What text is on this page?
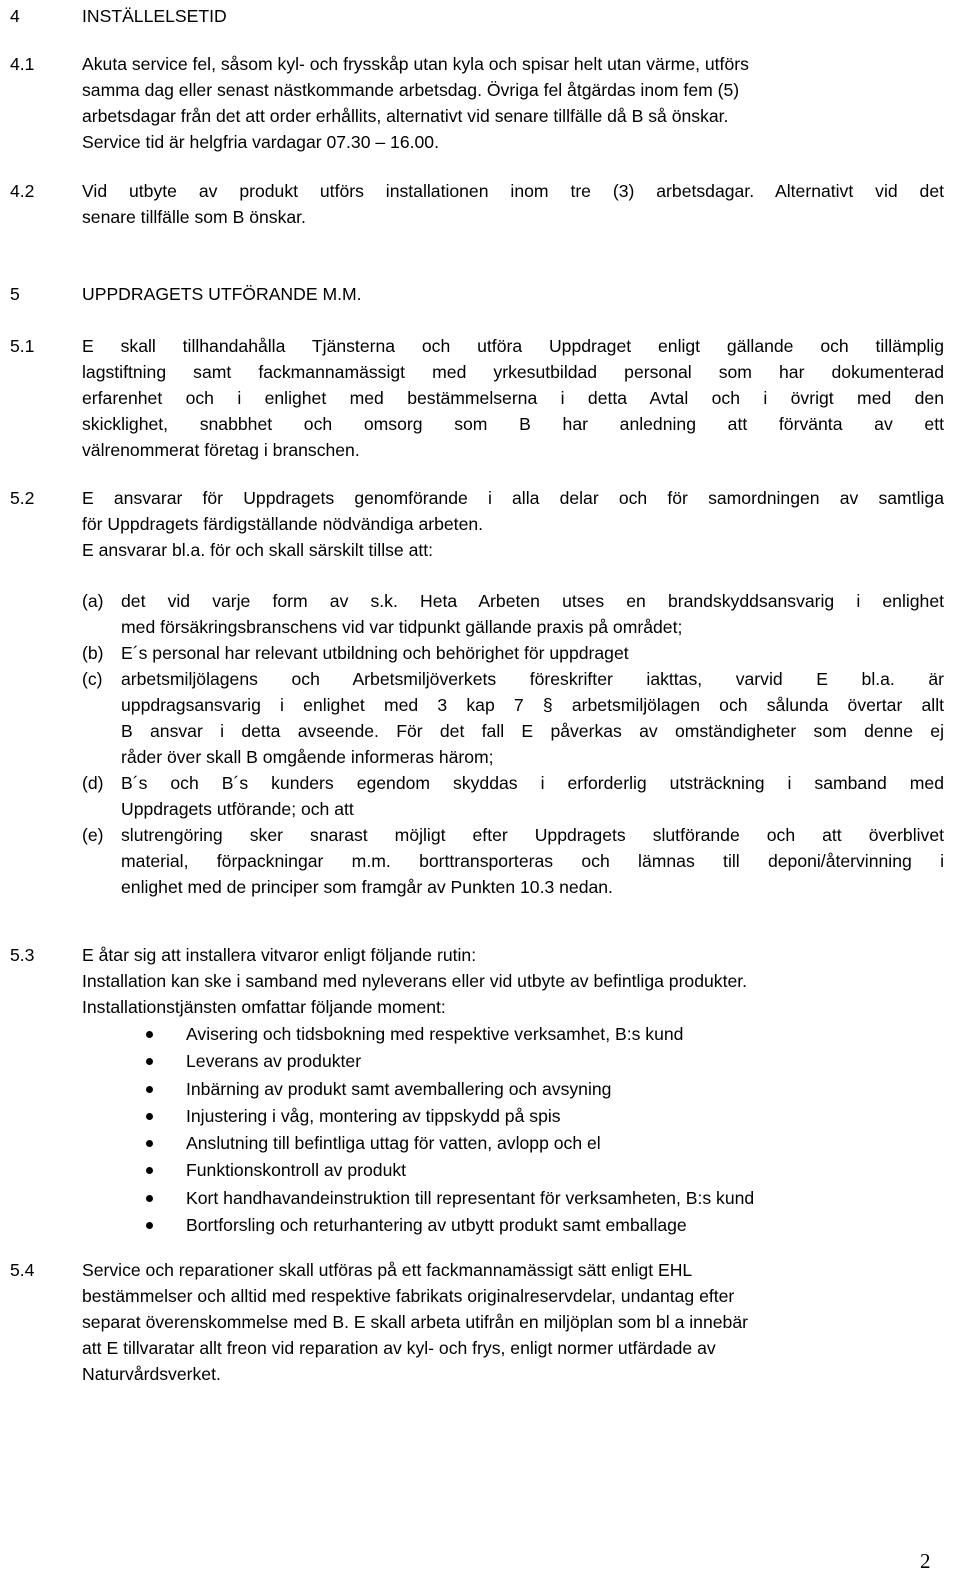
4	INSTÄLLELSETID
4.1	Akuta service fel, såsom kyl- och frysskåp utan kyla och spisar helt utan värme, utförs
samma dag eller senast nästkommande arbetsdag. Övriga fel åtgärdas inom fem (5)
arbetsdagar från det att order erhållits, alternativt vid senare tillfälle då B så önskar.
Service tid är helgfria vardagar 07.30 – 16.00.
4.2	Vid utbyte av produkt utförs installationen inom tre (3) arbetsdagar. Alternativt vid det
senare tillfälle som B önskar.
5	UPPDRAGETS UTFÖRANDE M.M.
5.1	E skall tillhandahålla Tjänsterna och utföra Uppdraget enligt gällande och tillämplig
lagstiftning samt fackmannamässigt med yrkesutbildad personal som har dokumenterad
erfarenhet och i enlighet med bestämmelserna i detta Avtal och i övrigt med den
skicklighet, snabbhet och omsorg som B har anledning att förvänta av ett
välrenommerat företag i branschen.
5.2	E ansvarar för Uppdragets genomförande i alla delar och för samordningen av samtliga
för Uppdragets färdigställande nödvändiga arbeten.
E ansvarar bl.a. för och skall särskilt tillse att:
(a) det vid varje form av s.k. Heta Arbeten utses en brandskyddsansvarig i enlighet
med försäkringsbranschens vid var tidpunkt gällande praxis på området;
(b) E´s personal har relevant utbildning och behörighet för uppdraget
(c) arbetsmiljölagens och Arbetsmiljöverkets föreskrifter iakttas, varvid E bl.a. är
uppdragsansvarig i enlighet med 3 kap 7 § arbetsmiljölagen och sålunda övertar allt
B ansvar i detta avseende. För det fall E påverkas av omständigheter som denne ej
råder över skall B omgående informeras härom;
(d) B´s och B´s kunders egendom skyddas i erforderlig utsträckning i samband med
Uppdragets utförande; och att
(e) slutrengöring sker snarast möjligt efter Uppdragets slutförande och att överblivet
material, förpackningar m.m. borttransporteras och lämnas till deponi/återvinning i
enlighet med de principer som framgår av Punkten 10.3 nedan.
5.3	E åtar sig att installera vitvaror enligt följande rutin:
Installation kan ske i samband med nyleverans eller vid utbyte av befintliga produkter.
Installationstjänsten omfattar följande moment:
Avisering och tidsbokning med respektive verksamhet, B:s kund
Leverans av produkter
Inbärning av produkt samt avemballering och avsyning
Injustering i våg, montering av tippskydd på spis
Anslutning till befintliga uttag för vatten, avlopp och el
Funktionskontroll av produkt
Kort handhavandeinstruktion till representant för verksamheten, B:s kund
Bortforsling och returhantering av utbytt produkt samt emballage
5.4	Service och reparationer skall utföras på ett fackmannamässigt sätt enligt EHL
bestämmelser och alltid med respektive fabrikats originalreservdelar, undantag efter
separat överenskommelse med B. E skall arbeta utifrån en miljöplan som bl a innebär
att E tillvaratar allt freon vid reparation av kyl- och frys, enligt normer utfärdade av
Naturvårdsverket.
2
